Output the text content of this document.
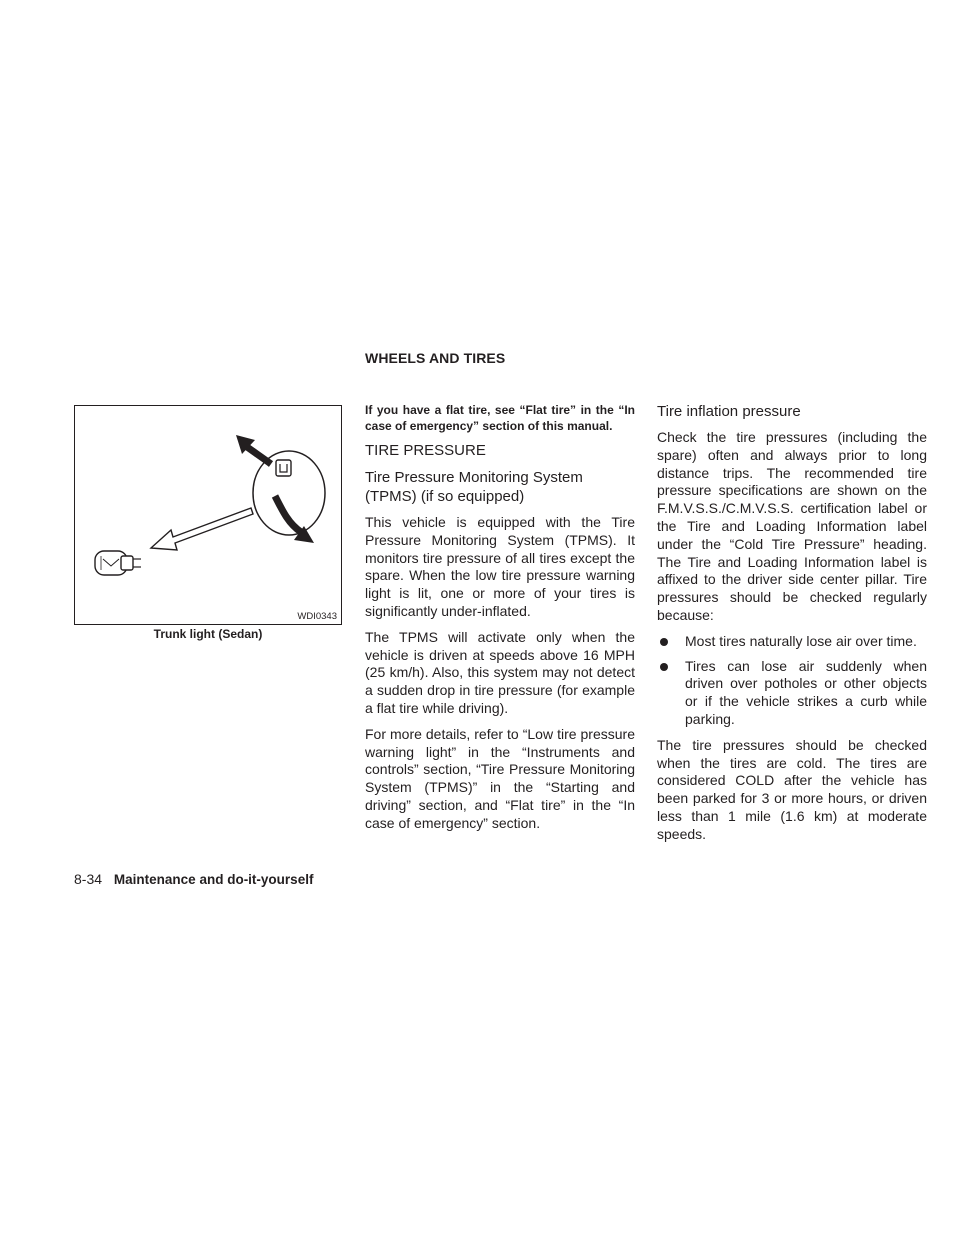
WHEELS AND TIRES
WDI0343
Trunk light (Sedan)

If you have a flat tire, see “Flat tire” in the “In case of emergency” section of this manual.

TIRE PRESSURE

Tire Pressure Monitoring System (TPMS) (if so equipped)

This vehicle is equipped with the Tire Pressure Monitoring System (TPMS). It monitors tire pressure of all tires except the spare. When the low tire pressure warning light is lit, one or more of your tires is significantly under-inflated.

The TPMS will activate only when the vehicle is driven at speeds above 16 MPH (25 km/h). Also, this system may not detect a sudden drop in tire pressure (for example a flat tire while driving).

For more details, refer to “Low tire pressure warning light” in the “Instruments and controls” section, “Tire Pressure Monitoring System (TPMS)” in the “Starting and driving” section, and “Flat tire” in the “In case of emergency” section.

Tire inflation pressure

Check the tire pressures (including the spare) often and always prior to long distance trips. The recommended tire pressure specifications are shown on the F.M.V.S.S./C.M.V.S.S. certification label or the Tire and Loading Information label under the “Cold Tire Pressure” heading. The Tire and Loading Information label is affixed to the driver side center pillar. Tire pressures should be checked regularly because:

Most tires naturally lose air over time.
Tires can lose air suddenly when driven over potholes or other objects or if the vehicle strikes a curb while parking.

The tire pressures should be checked when the tires are cold. The tires are considered COLD after the vehicle has been parked for 3 or more hours, or driven less than 1 mile (1.6 km) at moderate speeds.

8-34 Maintenance and do-it-yourself
